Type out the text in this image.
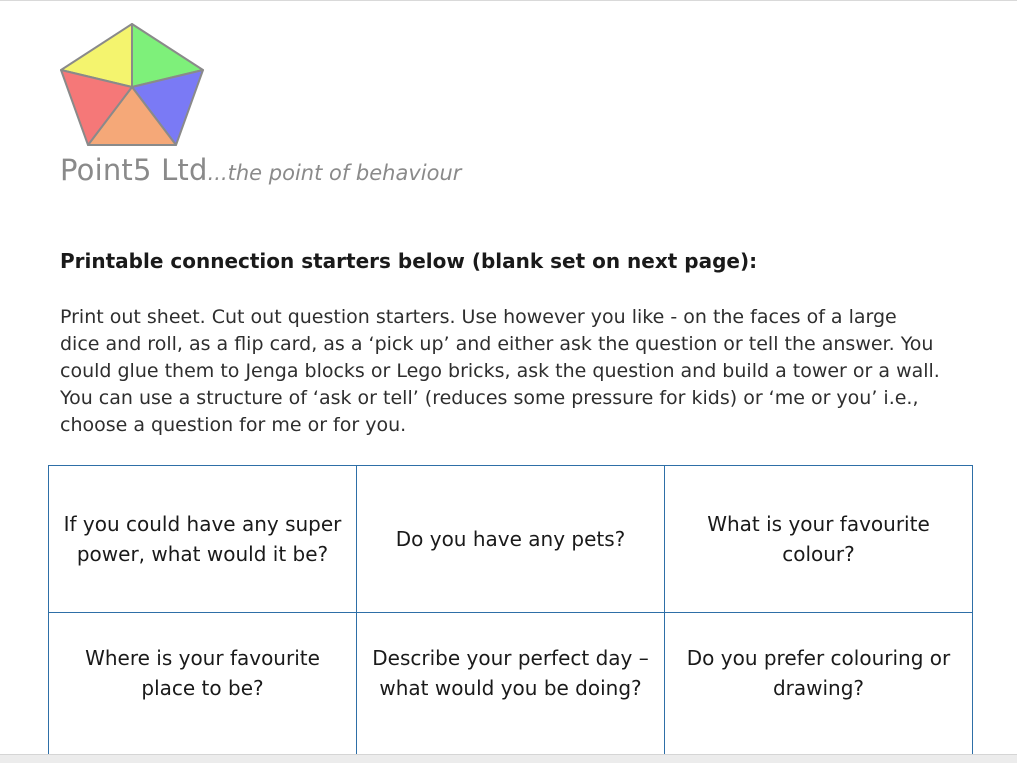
Point5 Ltd...the point of behaviour
Printable connection starters below (blank set on next page):

Print out sheet. Cut out question starters. Use however you like - on the faces of a large dice and roll, as a flip card, as a ‘pick up’ and either ask the question or tell the answer. You could glue them to Jenga blocks or Lego bricks, ask the question and build a tower or a wall. You can use a structure of ‘ask or tell’ (reduces some pressure for kids) or ‘me or you’ i.e., choose a question for me or for you.

If you could have any super power, what would it be?	Do you have any pets?	What is your favourite colour?
Where is your favourite place to be?	Describe your perfect day – what would you be doing?	Do you prefer colouring or drawing?
